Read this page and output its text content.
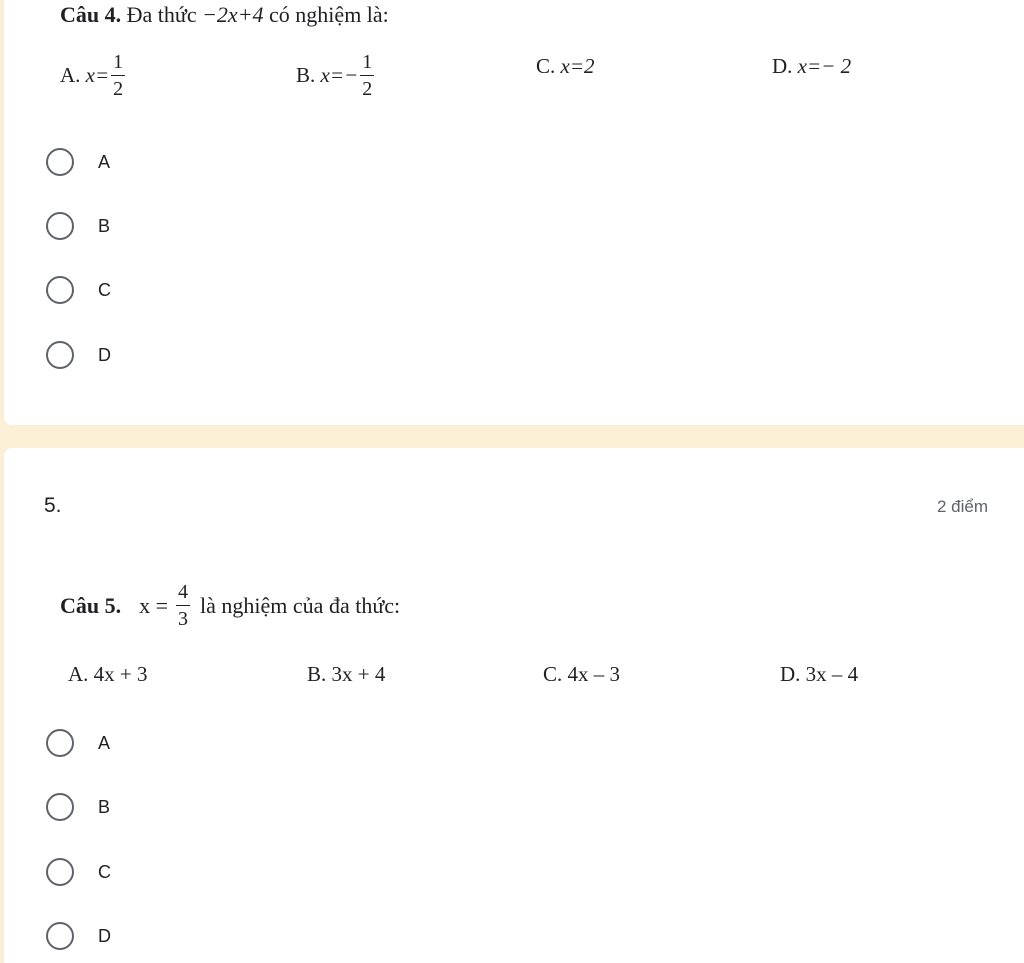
Câu 4. Đa thức −2x+4 có nghiệm là:
A.
$x= \frac{1}{2}$	B.
$x=- \frac{1}{2}$	C.
x=2	D.
x=− 2
A
B
C
D
5.	2 điểm
Câu 5. $x = \frac{4}{3}$ là nghiệm của đa thức:
A.
4x + 3	B.
3x + 4	C.
4x – 3	D.
3x – 4
A
B
C
D
